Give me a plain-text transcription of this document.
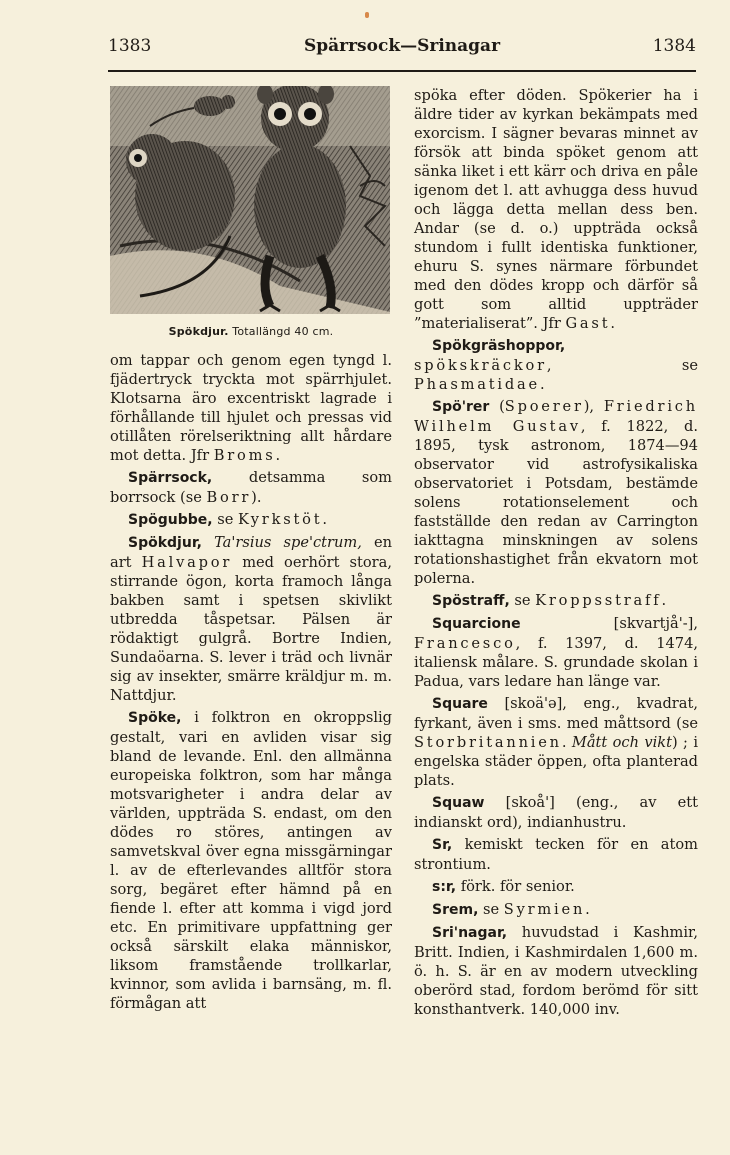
1383	Spärrsock—Srinagar	1384
Spökdjur. Totallängd 40 cm.

om tappar och genom egen tyngd l. fjädertryck tryckta mot spärrhjulet. Klotsarna äro excentriskt lagrade i förhållande till hjulet och pressas vid otillåten rörelseriktning allt hårdare mot detta. Jfr Broms.

Spärrsock, detsamma som borrsock (se Borr).

Spögubbe, se Kyrkstöt.

Spökdjur, Ta'rsius spe'ctrum, en art Halvapor med oerhört stora, stirrande ögon, korta framoch långa bakben samt i spetsen skivlikt utbredda tåspetsar. Pälsen är rödaktigt gulgrå. Bortre Indien, Sundaöarna. S. lever i träd och livnär sig av insekter, smärre kräldjur m. m. Nattdjur.

Spöke, i folktron en okroppslig gestalt, vari en avliden visar sig bland de levande. Enl. den allmänna europeiska folktron, som har många motsvarigheter i andra delar av världen, uppträda S. endast, om den dödes ro störes, antingen av samvetskval över egna missgärningar l. av de efterlevandes alltför stora sorg, begäret efter hämnd på en fiende l. efter att komma i vigd jord etc. En primitivare uppfattning ger också särskilt elaka människor, liksom framstående trollkarlar, kvinnor, som avlida i barnsäng, m. fl. förmågan att

spöka efter döden. Spökerier ha i äldre tider av kyrkan bekämpats med exorcism. I sägner bevaras minnet av försök att binda spöket genom att sänka liket i ett kärr och driva en påle igenom det l. att avhugga dess huvud och lägga detta mellan dess ben. Andar (se d. o.) uppträda också stundom i fullt identiska funktioner, ehuru S. synes närmare förbundet med den dödes kropp och därför så gott som alltid uppträder ”materialiserat”. Jfr Gast.

Spökgräshoppor, spökskräckor, se Phasmatidae.

Spö'rer (Spoerer), Friedrich Wilhelm Gustav, f. 1822, d. 1895, tysk astronom, 1874—94 observator vid astrofysikaliska observatoriet i Potsdam, bestämde solens rotationselement och fastställde den redan av Carrington iakttagna minskningen av solens rotationshastighet från ekvatorn mot polerna.

Spöstraff, se Kroppsstraff.

Squarcione [skvartjå'-], Francesco, f. 1397, d. 1474, italiensk målare. S. grundade skolan i Padua, vars ledare han länge var.

Square [skoä'ə], eng., kvadrat, fyrkant, även i sms. med måttsord (se Storbritannien. Mått och vikt) ; i engelska städer öppen, ofta planterad plats.

Squaw [skoå'] (eng., av ett indianskt ord), indianhustru.

Sr, kemiskt tecken för en atom strontium.

s:r, förk. för senior.

Srem, se Syrmien.

Sri'nagar, huvudstad i Kashmir, Britt. Indien, i Kashmirdalen 1,600 m. ö. h. S. är en av modern utveckling oberörd stad, fordom berömd för sitt konsthantverk. 140,000 inv.
